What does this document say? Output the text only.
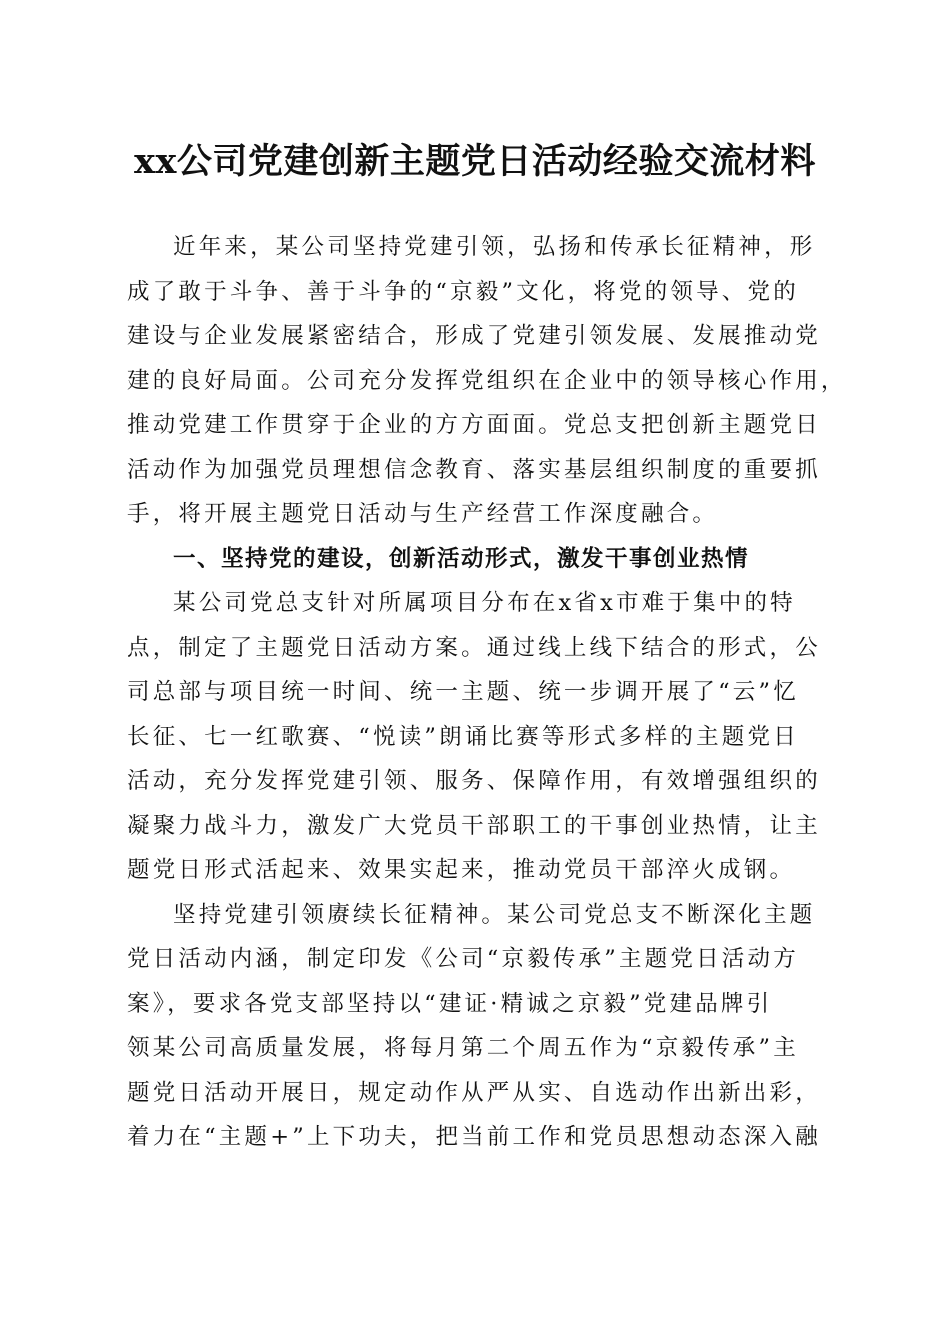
xx公司党建创新主题党日活动经验交流材料

近年来，某公司坚持党建引领，弘扬和传承长征精神，形

成了敢于斗争、善于斗争的“京毅”文化，将党的领导、党的

建设与企业发展紧密结合，形成了党建引领发展、发展推动党

建的良好局面。公司充分发挥党组织在企业中的领导核心作用，

推动党建工作贯穿于企业的方方面面。党总支把创新主题党日

活动作为加强党员理想信念教育、落实基层组织制度的重要抓

手，将开展主题党日活动与生产经营工作深度融合。

一、坚持党的建设，创新活动形式，激发干事创业热情

某公司党总支针对所属项目分布在x省x市难于集中的特

点，制定了主题党日活动方案。通过线上线下结合的形式，公

司总部与项目统一时间、统一主题、统一步调开展了“云”忆

长征、七一红歌赛、“悦读”朗诵比赛等形式多样的主题党日

活动，充分发挥党建引领、服务、保障作用，有效增强组织的

凝聚力战斗力，激发广大党员干部职工的干事创业热情，让主

题党日形式活起来、效果实起来，推动党员干部淬火成钢。

坚持党建引领赓续长征精神。某公司党总支不断深化主题

党日活动内涵，制定印发《公司“京毅传承”主题党日活动方

案》，要求各党支部坚持以“建证·精诚之京毅”党建品牌引

领某公司高质量发展，将每月第二个周五作为“京毅传承”主

题党日活动开展日，规定动作从严从实、自选动作出新出彩，

着力在“主题+”上下功夫，把当前工作和党员思想动态深入融
